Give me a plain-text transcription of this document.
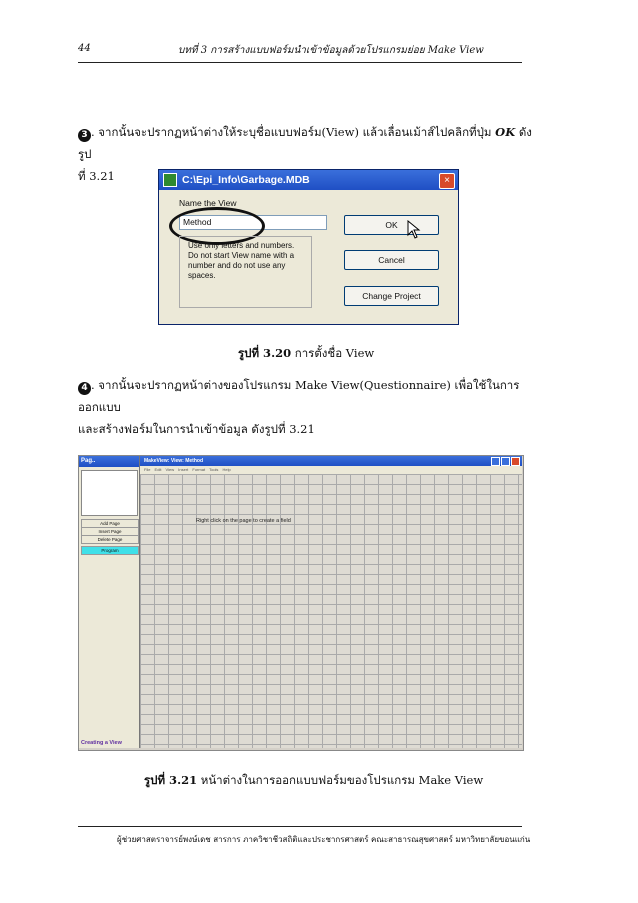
44	บทที่ 3 การสร้างแบบฟอร์มนำเข้าข้อมูลด้วยโปรแกรมย่อย Make View
3 . จากนั้นจะปรากฏหน้าต่างให้ระบุชื่อแบบฟอร์ม(View) แล้วเลื่อนเม้าส์ไปคลิกที่ปุ่ม OK ดังรูป
ที่ 3.21	C:\Epi_Info\Garbage.MDB	×
Name the View
Method
Use only letters and numbers. Do not start View name with a number and do not use any spaces.
OK
Cancel
Change Project
รูปที่ 3.20 การตั้งชื่อ View
4 . จากนั้นจะปรากฏหน้าต่างของโปรแกรม Make View(Questionnaire) เพื่อใช้ในการออกแบบ
และสร้างฟอร์มในการนำเข้าข้อมูล ดังรูปที่ 3.21
Pag..
Add Page
Insert Page
Delete Page
Program
Creating a View
MakeView: View: Method
File Edit View Insert Format Tools Help
Right click on the page to create a field
รูปที่ 3.21 หน้าต่างในการออกแบบฟอร์มของโปรแกรม Make View
ผู้ช่วยศาสตราจารย์พงษ์เดช สารการ ภาควิชาชีวสถิติและประชากรศาสตร์ คณะสาธารณสุขศาสตร์ มหาวิทยาลัยขอนแก่น
